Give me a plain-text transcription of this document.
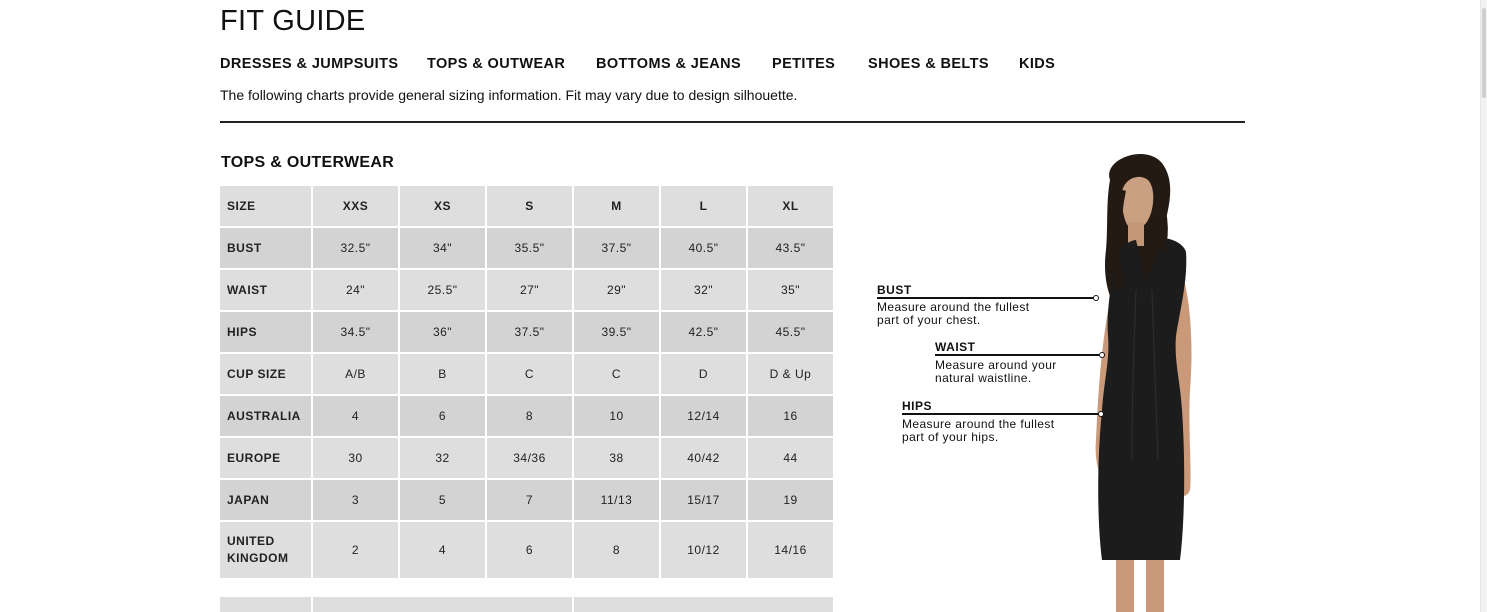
FIT GUIDE
DRESSES & JUMPSUITS TOPS & OUTWEAR BOTTOMS & JEANS PETITES SHOES & BELTS KIDS
The following charts provide general sizing information. Fit may vary due to design silhouette.
TOPS & OUTERWEAR
SIZE	XXS	XS	S	M	L	XL
BUST	32.5"	34"	35.5"	37.5"	40.5"	43.5"
WAIST	24"	25.5"	27"	29"	32"	35"
HIPS	34.5"	36"	37.5"	39.5"	42.5"	45.5"
CUP SIZE	A/B	B	C	C	D	D & Up
AUSTRALIA	4	6	8	10	12/14	16
EUROPE	30	32	34/36	38	40/42	44
JAPAN	3	5	7	11/13	15/17	19
UNITED KINGDOM	2	4	6	8	10/12	14/16
BUST
Measure around the fullest
part of your chest.
WAIST
Measure around your
natural waistline.
HIPS
Measure around the fullest
part of your hips.
